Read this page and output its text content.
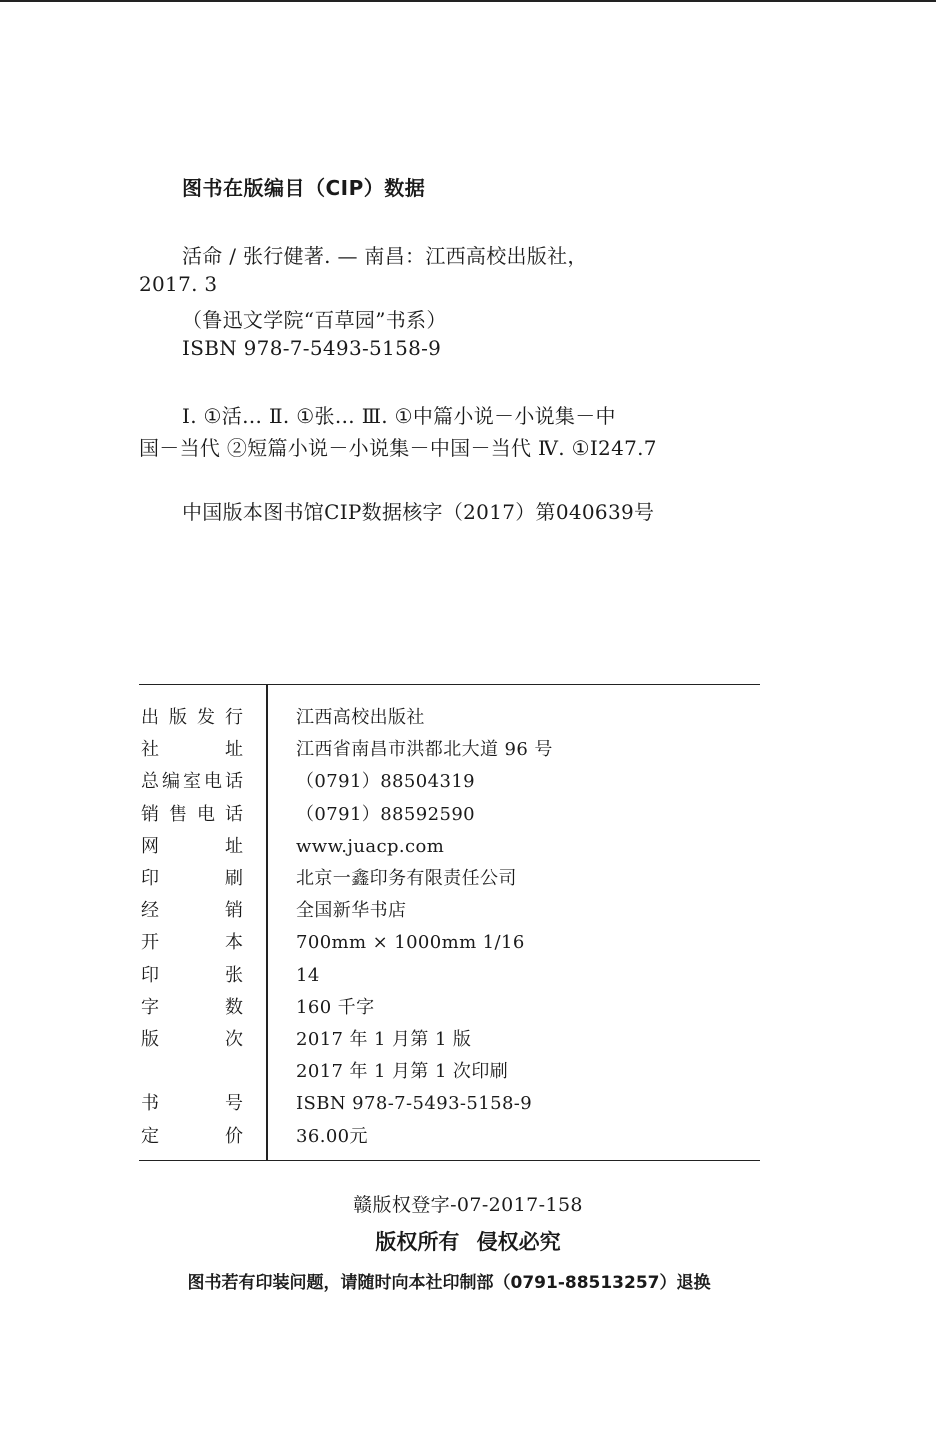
图书在版编目（CIP）数据
活命 / 张行健著. — 南昌：江西高校出版社，
2017. 3
（鲁迅文学院“百草园”书系）
ISBN 978-7-5493-5158-9
Ⅰ. ①活… Ⅱ. ①张… Ⅲ. ①中篇小说－小说集－中
国－当代 ②短篇小说－小说集－中国－当代 Ⅳ. ①I247.7
中国版本图书馆CIP数据核字（2017）第040639号
出 版 发 行	江西高校出版社
社	址	江西省南昌市洪都北大道 96 号
总 编 室 电 话	（0791）88504319
销 售 电 话	（0791）88592590
网	址	www.juacp.com
印	刷	北京一鑫印务有限责任公司
经	销	全国新华书店
开	本	700mm × 1000mm 1/16
印	张	14
字	数	160 千字
版	次	2017 年 1 月第 1 版
2017 年 1 月第 1 次印刷
书	号	ISBN 978-7-5493-5158-9
定	价	36.00元
赣版权登字-07-2017-158
版权所有 侵权必究
图书若有印装问题，请随时向本社印制部（0791-88513257）退换
